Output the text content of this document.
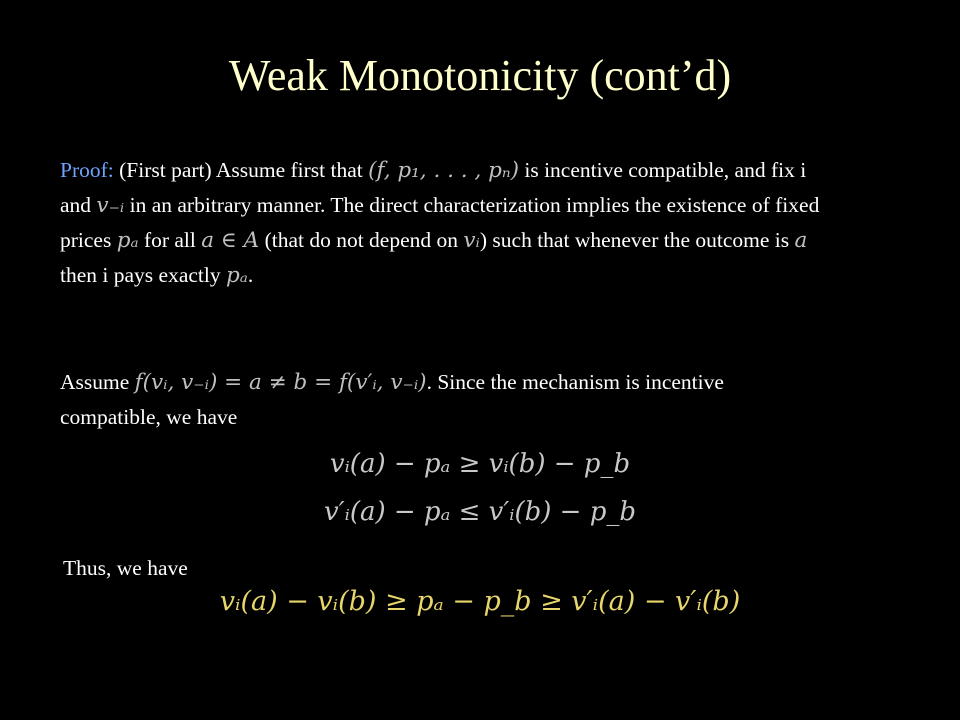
Weak Monotonicity (cont’d)
Proof: (First part) Assume first that (f, p₁, . . . , pₙ) is incentive compatible, and fix i and v₋ᵢ in an arbitrary manner. The direct characterization implies the existence of fixed prices pₐ for all a ∈ A (that do not depend on vᵢ) such that whenever the outcome is a then i pays exactly pₐ.
Assume f(vᵢ, v₋ᵢ) = a ≠ b = f(v′ᵢ, v₋ᵢ). Since the mechanism is incentive compatible, we have
vᵢ(a) − pₐ ≥ vᵢ(b) − p_b
v′ᵢ(a) − pₐ ≤ v′ᵢ(b) − p_b
Thus, we have
vᵢ(a) − vᵢ(b) ≥ pₐ − p_b ≥ v′ᵢ(a) − v′ᵢ(b)
